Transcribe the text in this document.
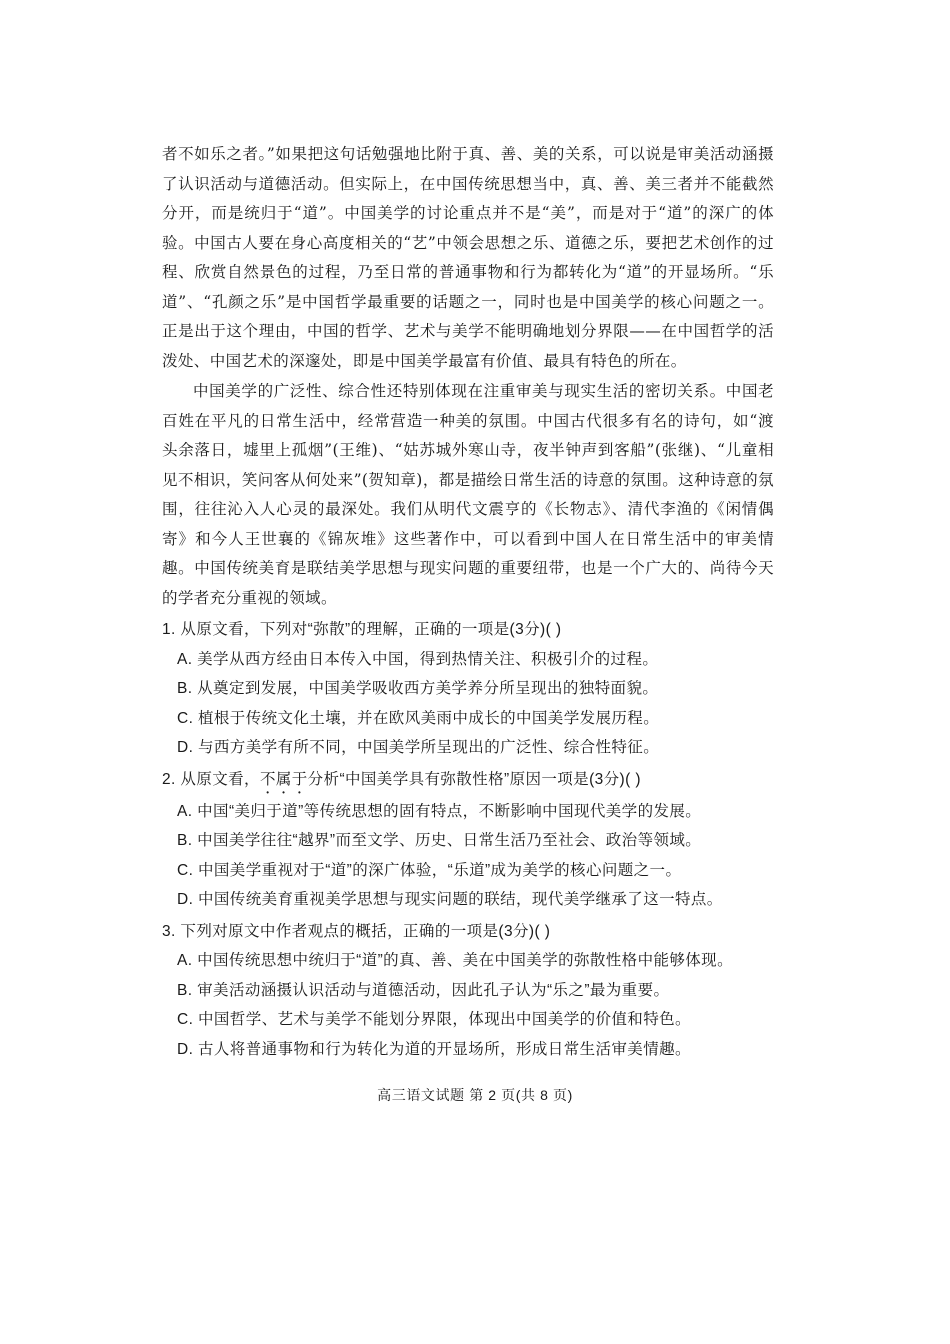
者不如乐之者。”如果把这句话勉强地比附于真、善、美的关系，可以说是审美活动涵摄了认识活动与道德活动。但实际上，在中国传统思想当中，真、善、美三者并不能截然分开，而是统归于“道”。中国美学的讨论重点并不是“美”，而是对于“道”的深广的体验。中国古人要在身心高度相关的“艺”中领会思想之乐、道德之乐，要把艺术创作的过程、欣赏自然景色的过程，乃至日常的普通事物和行为都转化为“道”的开显场所。“乐道”、“孔颜之乐”是中国哲学最重要的话题之一，同时也是中国美学的核心问题之一。正是出于这个理由，中国的哲学、艺术与美学不能明确地划分界限——在中国哲学的活泼处、中国艺术的深邃处，即是中国美学最富有价值、最具有特色的所在。

中国美学的广泛性、综合性还特别体现在注重审美与现实生活的密切关系。中国老百姓在平凡的日常生活中，经常营造一种美的氛围。中国古代很多有名的诗句，如“渡头余落日，墟里上孤烟”(王维)、“姑苏城外寒山寺，夜半钟声到客船”(张继)、“儿童相见不相识，笑问客从何处来”(贺知章)，都是描绘日常生活的诗意的氛围。这种诗意的氛围，往往沁入人心灵的最深处。我们从明代文震亨的《长物志》、清代李渔的《闲情偶寄》和今人王世襄的《锦灰堆》这些著作中，可以看到中国人在日常生活中的审美情趣。中国传统美育是联结美学思想与现实问题的重要纽带，也是一个广大的、尚待今天的学者充分重视的领域。

1. 从原文看，下列对“弥散”的理解，正确的一项是(3分)( )

A. 美学从西方经由日本传入中国，得到热情关注、积极引介的过程。

B. 从奠定到发展，中国美学吸收西方美学养分所呈现出的独特面貌。

C. 植根于传统文化土壤，并在欧风美雨中成长的中国美学发展历程。

D. 与西方美学有所不同，中国美学所呈现出的广泛性、综合性特征。

2. 从原文看，不属于分析“中国美学具有弥散性格”原因一项是(3分)( )

A. 中国“美归于道”等传统思想的固有特点，不断影响中国现代美学的发展。

B. 中国美学往往“越界”而至文学、历史、日常生活乃至社会、政治等领域。

C. 中国美学重视对于“道”的深广体验，“乐道”成为美学的核心问题之一。

D. 中国传统美育重视美学思想与现实问题的联结，现代美学继承了这一特点。

3. 下列对原文中作者观点的概括，正确的一项是(3分)( )

A. 中国传统思想中统归于“道”的真、善、美在中国美学的弥散性格中能够体现。

B. 审美活动涵摄认识活动与道德活动，因此孔子认为“乐之”最为重要。

C. 中国哲学、艺术与美学不能划分界限，体现出中国美学的价值和特色。

D. 古人将普通事物和行为转化为道的开显场所，形成日常生活审美情趣。

高三语文试题 第 2 页(共 8 页)
